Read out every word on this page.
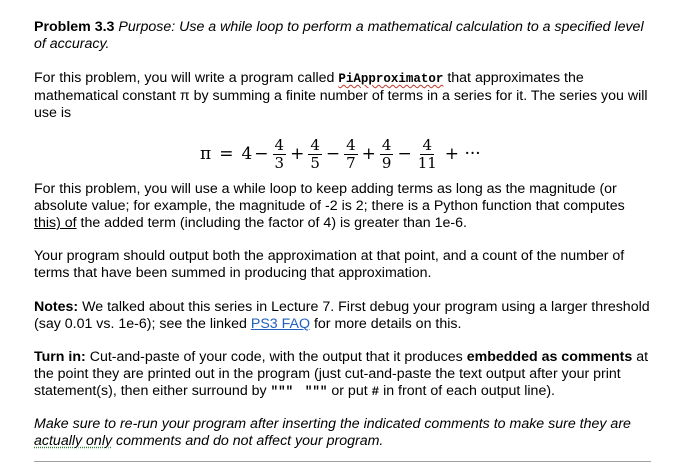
Problem 3.3 Purpose: Use a while loop to perform a mathematical calculation to a specified level of accuracy.
For this problem, you will write a program called PiApproximator that approximates the mathematical constant π by summing a finite number of terms in a series for it. The series you will use is
$\pi = 4 - \frac{4}{3} + \frac{4}{5} - \frac{4}{7} + \frac{4}{9} - \frac{4}{11}$ + ···
For this problem, you will use a while loop to keep adding terms as long as the magnitude (or absolute value; for example, the magnitude of -2 is 2; there is a Python function that computes this) of the added term (including the factor of 4) is greater than 1e-6.
Your program should output both the approximation at that point, and a count of the number of terms that have been summed in producing that approximation.
Notes: We talked about this series in Lecture 7. First debug your program using a larger threshold (say 0.01 vs. 1e-6); see the linked PS3 FAQ for more details on this.
Turn in: Cut-and-paste of your code, with the output that it produces embedded as comments at the point they are printed out in the program (just cut-and-paste the text output after your print statement(s), then either surround by """ """ or put # in front of each output line).
Make sure to re-run your program after inserting the indicated comments to make sure they are actually only comments and do not affect your program.
